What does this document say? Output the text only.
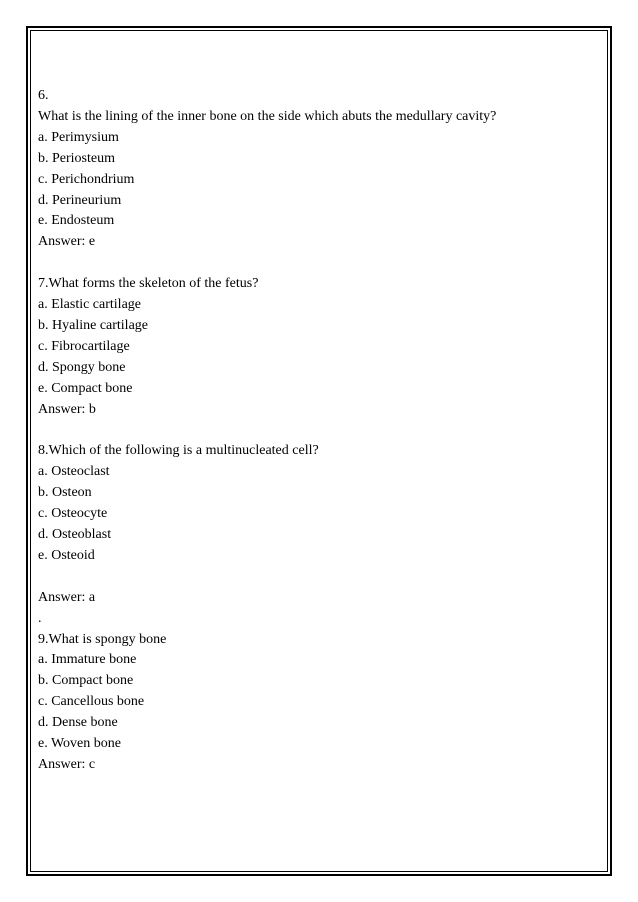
6.
What is the lining of the inner bone on the side which abuts the medullary cavity?
a. Perimysium
b. Periosteum
c. Perichondrium
d. Perineurium
e. Endosteum
Answer: e
7.What forms the skeleton of the fetus?
a. Elastic cartilage
b. Hyaline cartilage
c. Fibrocartilage
d. Spongy bone
e. Compact bone
Answer: b
8.Which of the following is a multinucleated cell?
a. Osteoclast
b. Osteon
c. Osteocyte
d. Osteoblast
e. Osteoid
Answer: a
.
9.What is spongy bone
a. Immature bone
b. Compact bone
c. Cancellous bone
d. Dense bone
e. Woven bone
Answer: c
